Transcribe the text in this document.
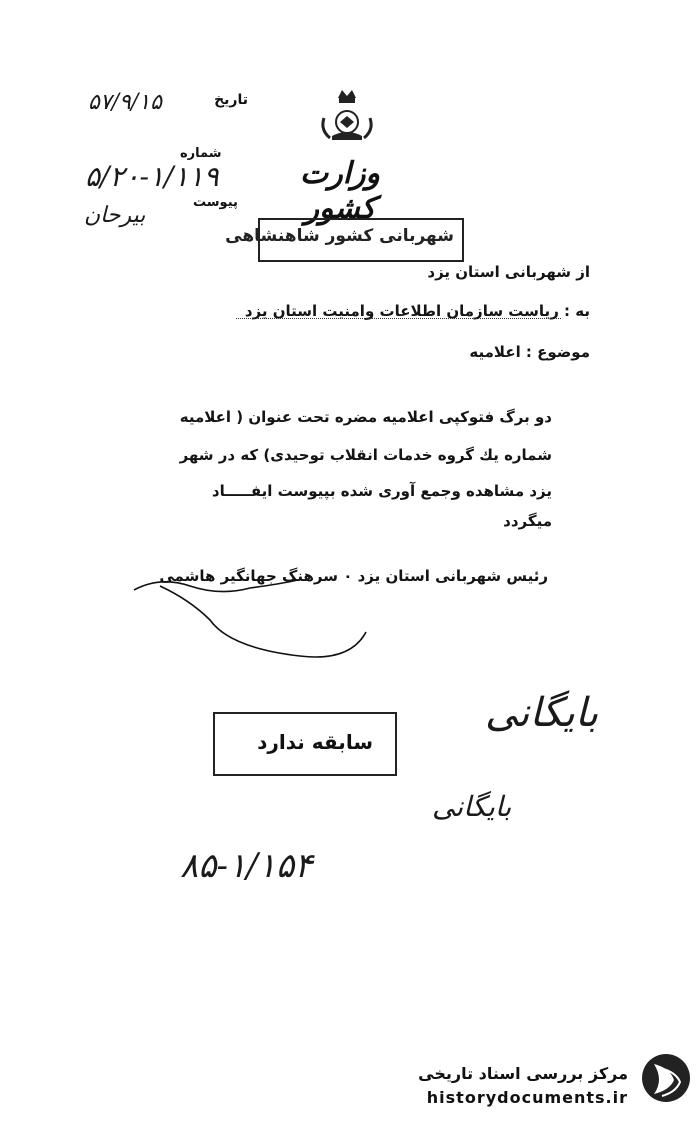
تاریخ
۵۷/۹/۱۵
شماره
۵/۲۰-۱/۱۱۹
پیوست
بیرحان
وزارت کشور
شهربانی کشور شاهنشاهی
از شهربانی استان یزد
به : ریاست سازمان اطلاعات وامنیت استان یزد
موضوع : اعلامیه
دو برگ فتوکپی اعلامیه مضره تحت عنوان ( اعلامیه
شماره یك گروه خدمات انقلاب توحیدی) که در شهر
یزد مشاهده وجمع آوری شده بپیوست ایفـــــاد
میگردد
رئیس شهربانی استان یزد ۰ سرهنگ جهانگیر هاشمی
سابقه ندارد
بایگانی
بایگانی
۸۵-۱/۱۵۴
مرکز بررسی اسناد تاریخی
historydocuments.ir
